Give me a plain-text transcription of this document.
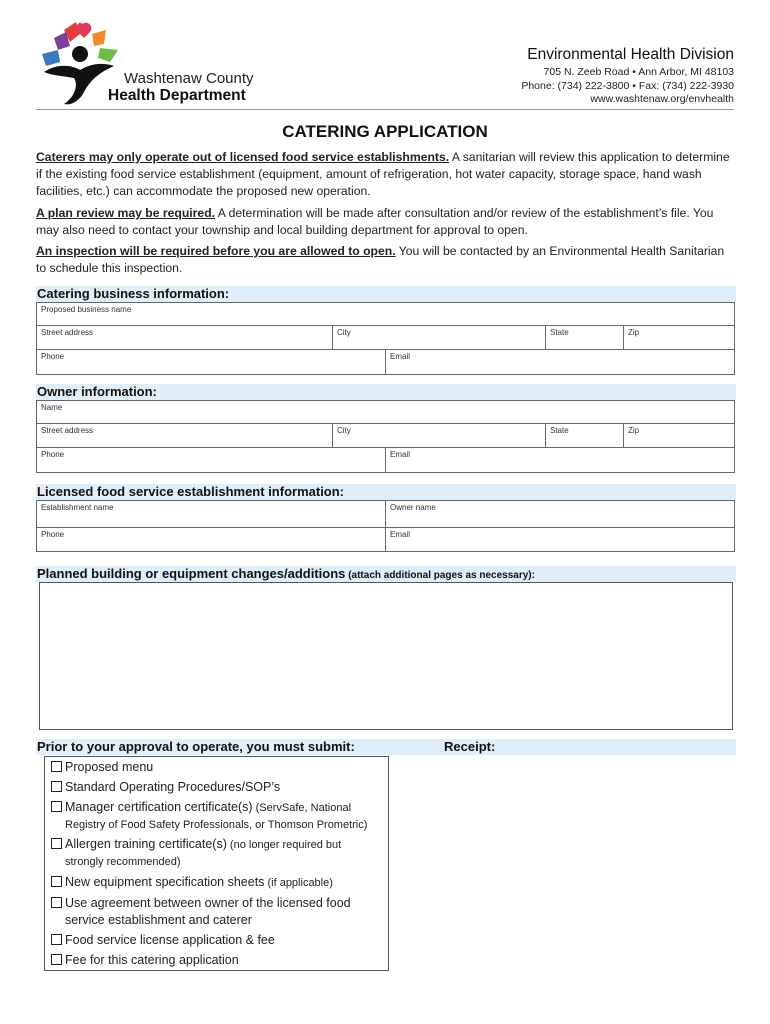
Washtenaw County
Health Department
Environmental Health Division
705 N. Zeeb Road • Ann Arbor, MI 48103
Phone: (734) 222-3800 • Fax: (734) 222-3930
www.washtenaw.org/envhealth
CATERING APPLICATION
Caterers may only operate out of licensed food service establishments. A sanitarian will review this application to determine if the existing food service establishment (equipment, amount of refrigeration, hot water capacity, storage space, hand wash facilities, etc.) can accommodate the proposed new operation.
A plan review may be required. A determination will be made after consultation and/or review of the establishment’s file. You may also need to contact your township and local building department for approval to open.
An inspection will be required before you are allowed to open. You will be contacted by an Environmental Health Sanitarian to schedule this inspection.
Catering business information:
Proposed business name
Street address	City	State	Zip
Phone	Email
Owner information:
Name
Street address	City	State	Zip
Phone	Email
Licensed food service establishment information:
Establishment name	Owner name
Phone	Email
Planned building or equipment changes/additions (attach additional pages as necessary):
Prior to your approval to operate, you must submit:	Receipt:
Proposed menu
Standard Operating Procedures/SOP’s
Manager certification certificate(s) (ServSafe, National
Registry of Food Safety Professionals, or Thomson Prometric)
Allergen training certificate(s) (no longer required but
strongly recommended)
New equipment specification sheets (if applicable)
Use agreement between owner of the licensed food
service establishment and caterer
Food service license application & fee
Fee for this catering application
